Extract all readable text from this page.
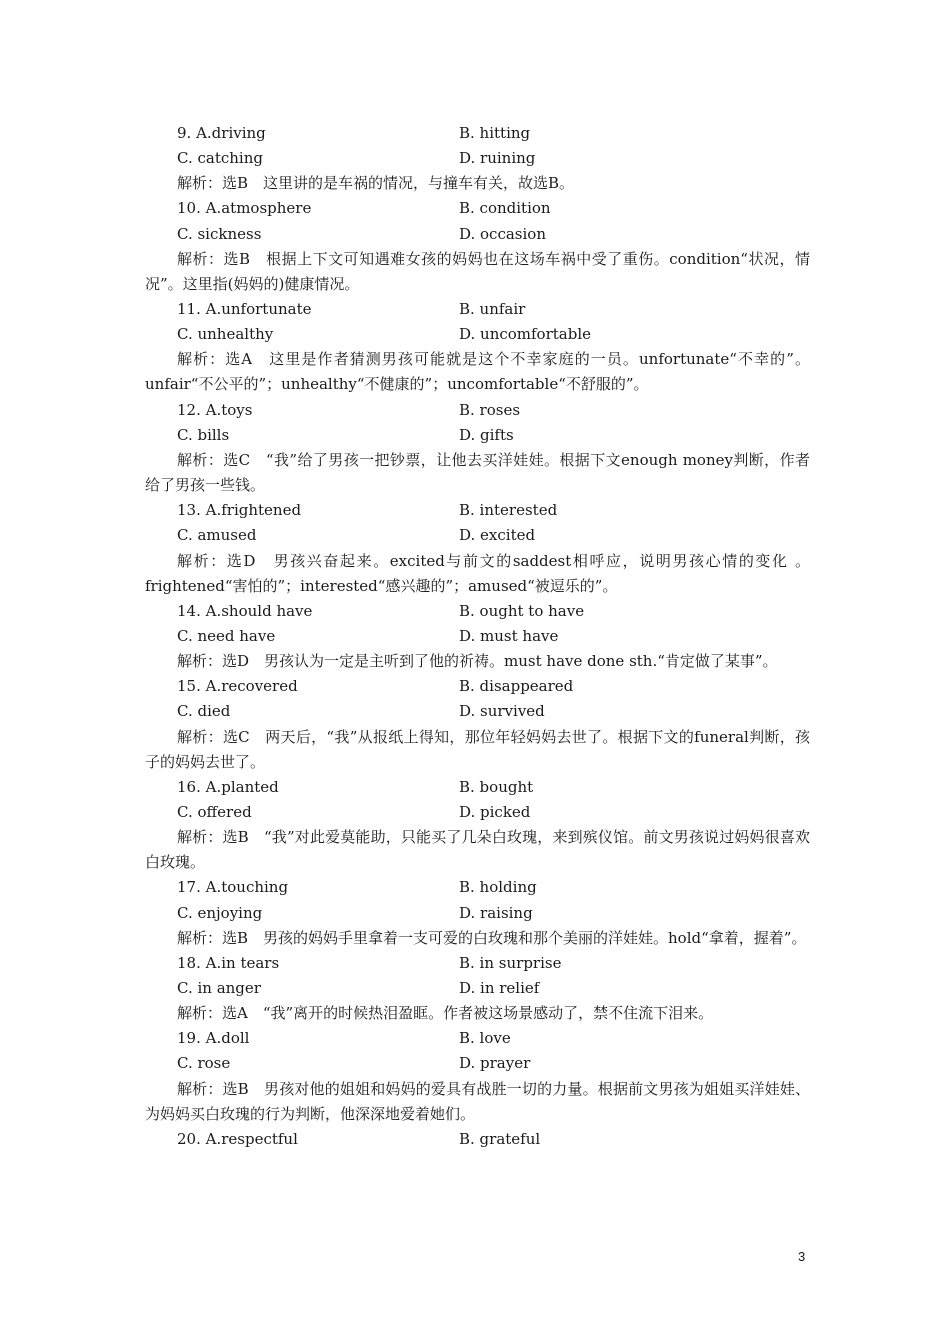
9. A.driving	B. hitting
C. catching	D. ruining

解析：选B　这里讲的是车祸的情况，与撞车有关，故选B。

10. A.atmosphere	B. condition
C. sickness	D. occasion

解析：选B　根据上下文可知遇难女孩的妈妈也在这场车祸中受了重伤。condition“状况，情况”。这里指(妈妈的)健康情况。

11. A.unfortunate	B. unfair
C. unhealthy	D. uncomfortable

解析：选A　这里是作者猜测男孩可能就是这个不幸家庭的一员。unfortunate“不幸的”。unfair“不公平的”；unhealthy“不健康的”；uncomfortable“不舒服的”。

12. A.toys	B. roses
C. bills	D. gifts

解析：选C　“我”给了男孩一把钞票，让他去买洋娃娃。根据下文enough money判断，作者给了男孩一些钱。

13. A.frightened	B. interested
C. amused	D. excited

解析：选D　男孩兴奋起来。excited与前文的saddest相呼应，说明男孩心情的变化 。frightened“害怕的”；interested“感兴趣的”；amused“被逗乐的”。

14. A.should have	B. ought to have
C. need have	D. must have

解析：选D　男孩认为一定是主听到了他的祈祷。must have done sth.“肯定做了某事”。

15. A.recovered	B. disappeared
C. died	D. survived

解析：选C　两天后，“我”从报纸上得知，那位年轻妈妈去世了。根据下文的funeral判断，孩子的妈妈去世了。

16. A.planted	B. bought
C. offered	D. picked

解析：选B　“我”对此爱莫能助，只能买了几朵白玫瑰，来到殡仪馆。前文男孩说过妈妈很喜欢白玫瑰。

17. A.touching	B. holding
C. enjoying	D. raising

解析：选B　男孩的妈妈手里拿着一支可爱的白玫瑰和那个美丽的洋娃娃。hold“拿着，握着”。

18. A.in tears	B. in surprise
C. in anger	D. in relief

解析：选A　“我”离开的时候热泪盈眶。作者被这场景感动了，禁不住流下泪来。

19. A.doll	B. love
C. rose	D. prayer

解析：选B　男孩对他的姐姐和妈妈的爱具有战胜一切的力量。根据前文男孩为姐姐买洋娃娃、为妈妈买白玫瑰的行为判断，他深深地爱着她们。

20. A.respectful	B. grateful
3
